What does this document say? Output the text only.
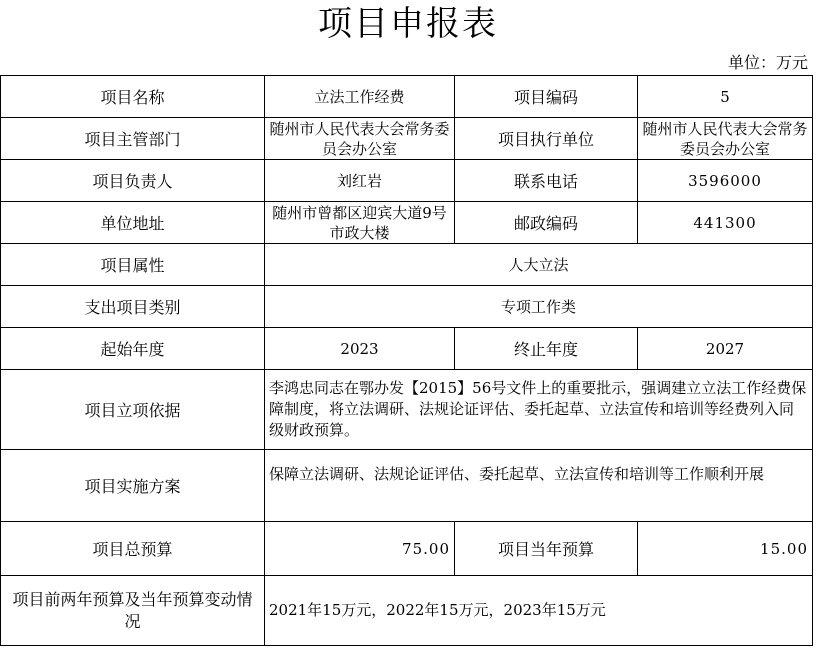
项目申报表
单位：万元
项目名称	立法工作经费	项目编码	5
项目主管部门	随州市人民代表大会常务委员会办公室	项目执行单位	随州市人民代表大会常务委员会办公室
项目负责人	刘红岩	联系电话	3596000
单位地址	随州市曾都区迎宾大道9号市政大楼	邮政编码	441300
项目属性	人大立法		
支出项目类别	专项工作类		
起始年度	2023	终止年度	2027
项目立项依据	李鸿忠同志在鄂办发【2015】56号文件上的重要批示，强调建立立法工作经费保障制度，将立法调研、法规论证评估、委托起草、立法宣传和培训等经费列入同级财政预算。		
项目实施方案	保障立法调研、法规论证评估、委托起草、立法宣传和培训等工作顺利开展		
项目总预算	75.00	项目当年预算	15.00
项目前两年预算及当年预算变动情况	2021年15万元，2022年15万元，2023年15万元		
